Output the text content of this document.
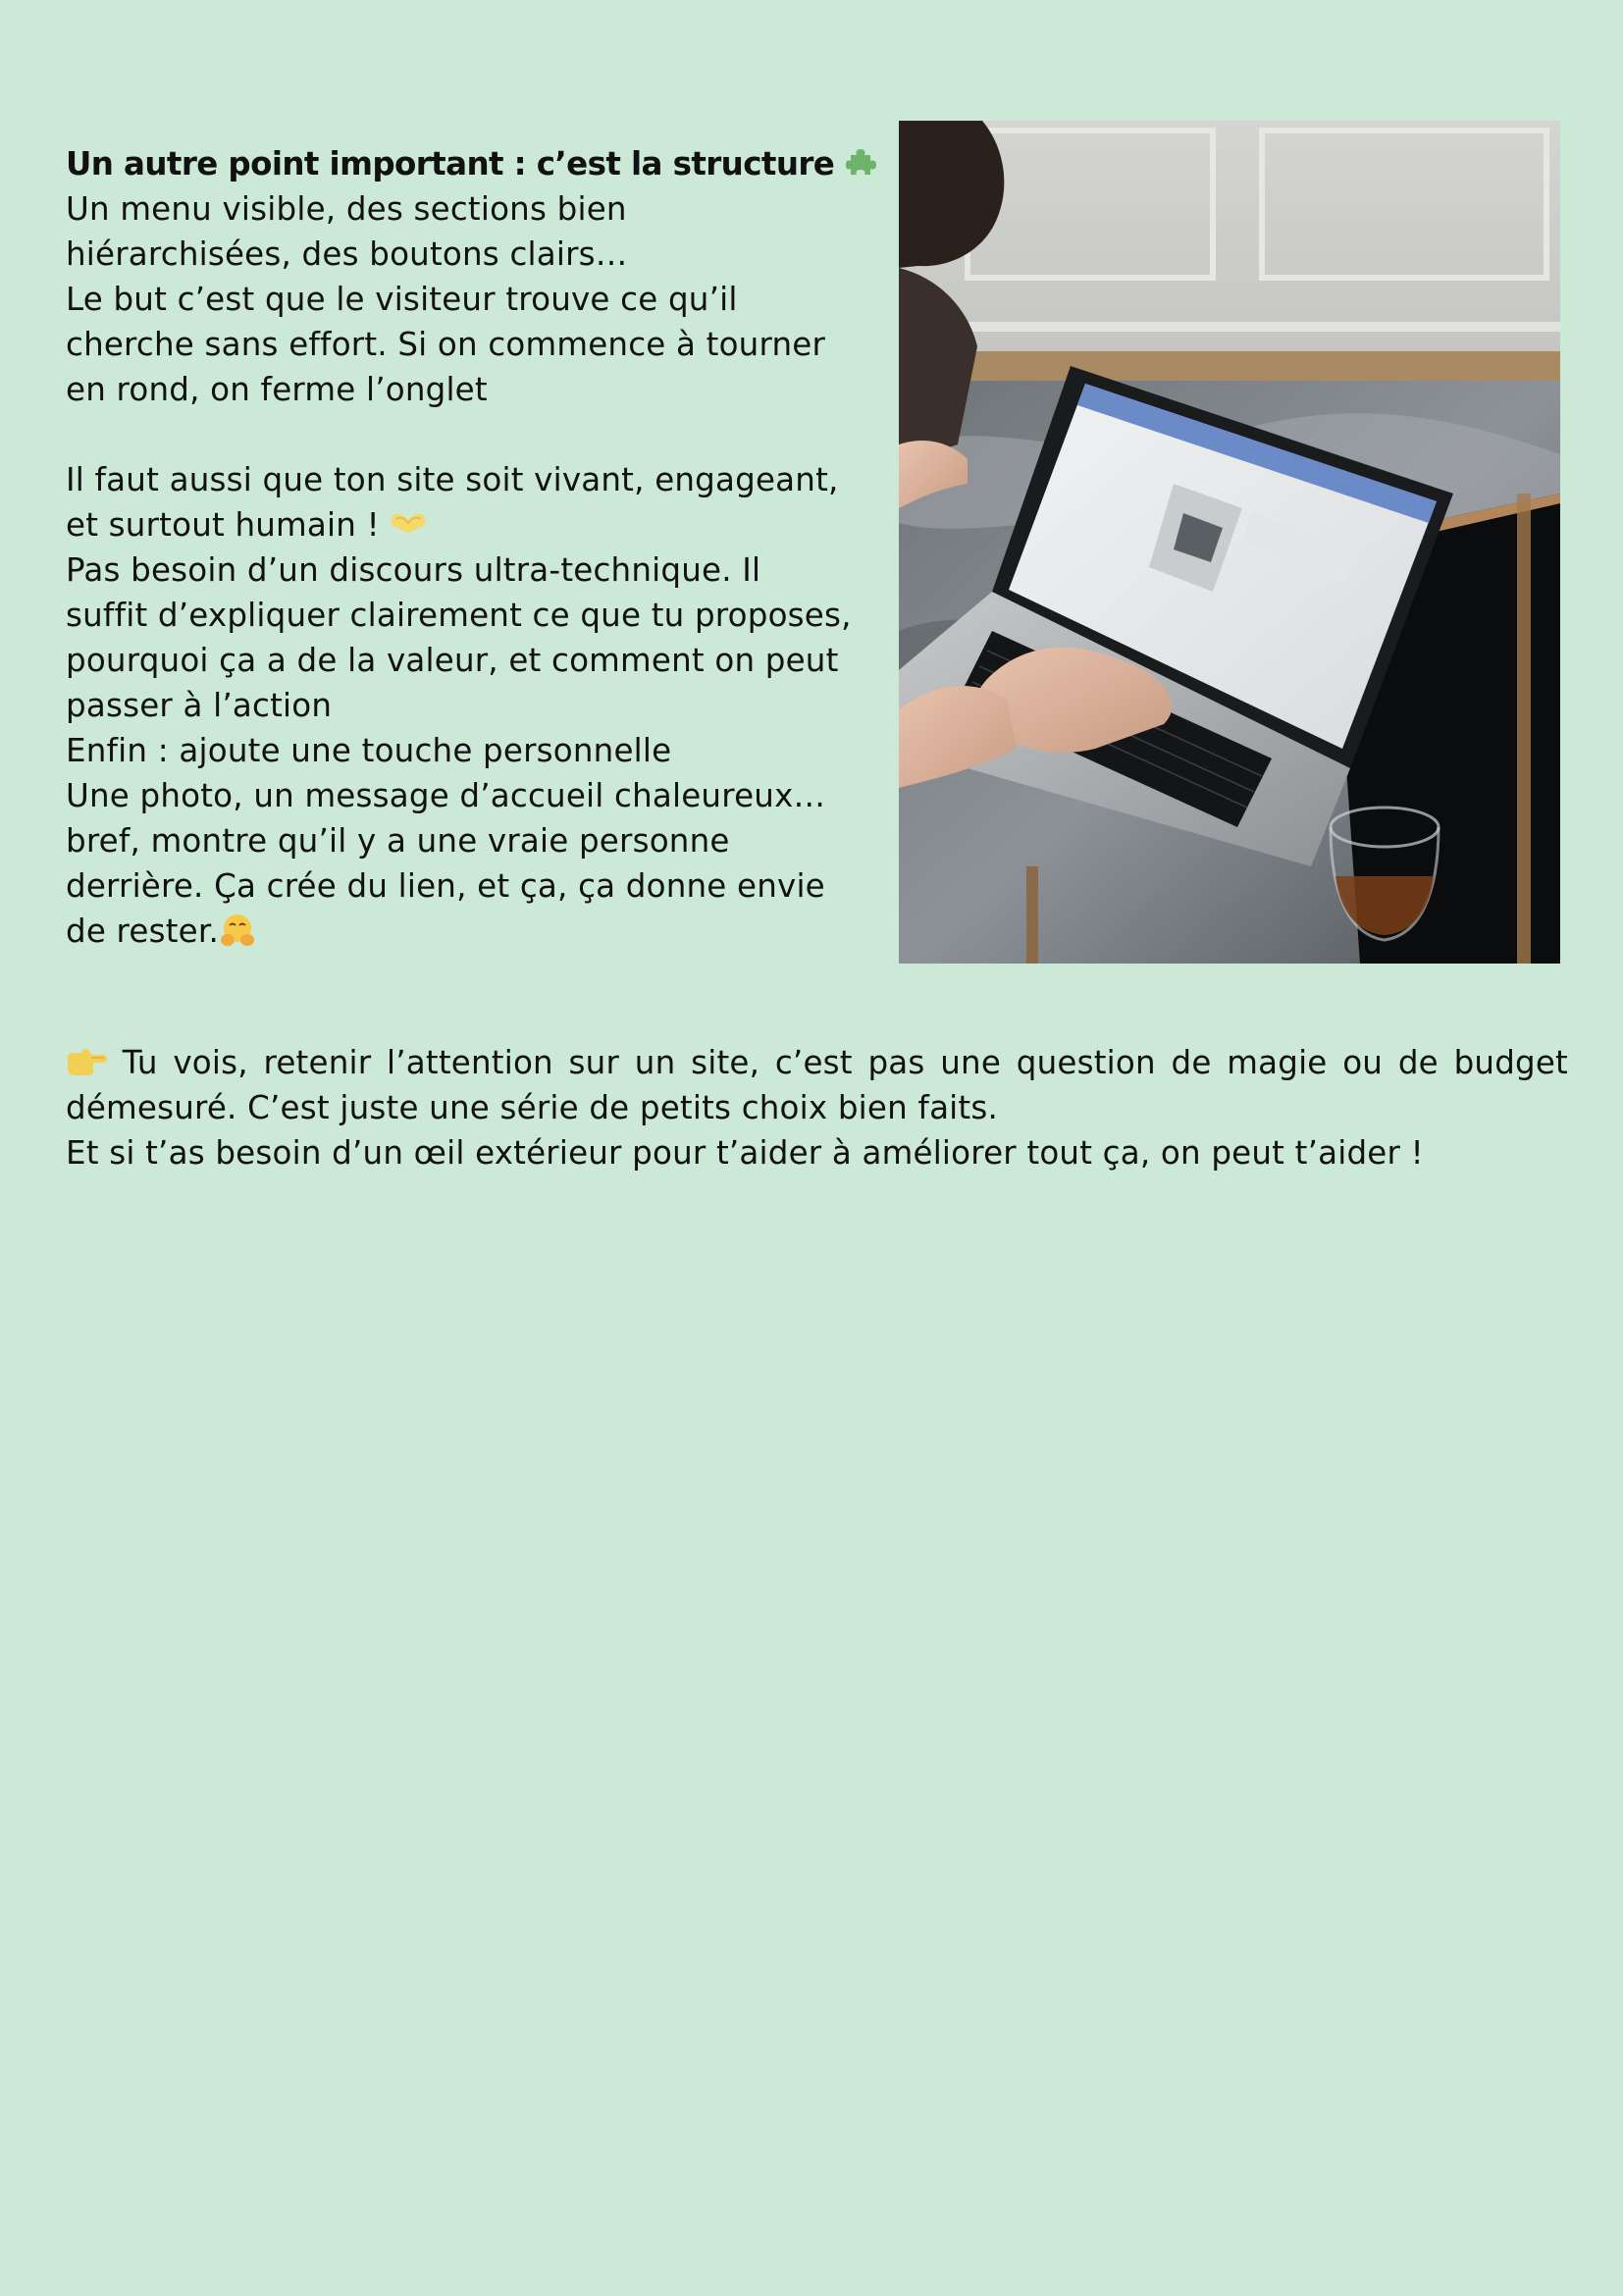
Un autre point important : c’est la structure

Un menu visible, des sections bien

hiérarchisées, des boutons clairs…

Le but c’est que le visiteur trouve ce qu’il

cherche sans effort. Si on commence à tourner

en rond, on ferme l’onglet

Il faut aussi que ton site soit vivant, engageant,

et surtout humain !

Pas besoin d’un discours ultra-technique. Il

suffit d’expliquer clairement ce que tu proposes,

pourquoi ça a de la valeur, et comment on peut

passer à l’action

Enfin : ajoute une touche personnelle

Une photo, un message d’accueil chaleureux…

bref, montre qu’il y a une vraie personne

derrière. Ça crée du lien, et ça, ça donne envie

de rester.

Tu vois, retenir l’attention sur un site, c’est pas une question de magie ou de budget démesuré. C’est juste une série de petits choix bien faits.

Et si t’as besoin d’un œil extérieur pour t’aider à améliorer tout ça, on peut t’aider !
